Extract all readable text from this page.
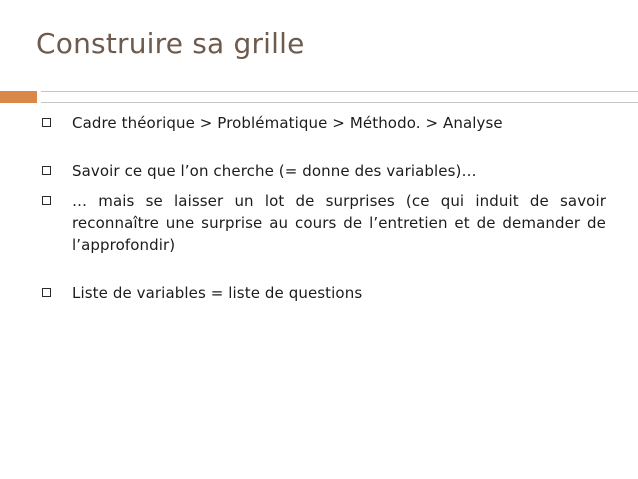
Construire sa grille
Cadre théorique > Problématique > Méthodo. > Analyse
Savoir ce que l’on cherche (= donne des variables)…
… mais se laisser un lot de surprises (ce qui induit de savoir reconnaître une surprise au cours de l’entretien et de demander de l’approfondir)
Liste de variables = liste de questions
